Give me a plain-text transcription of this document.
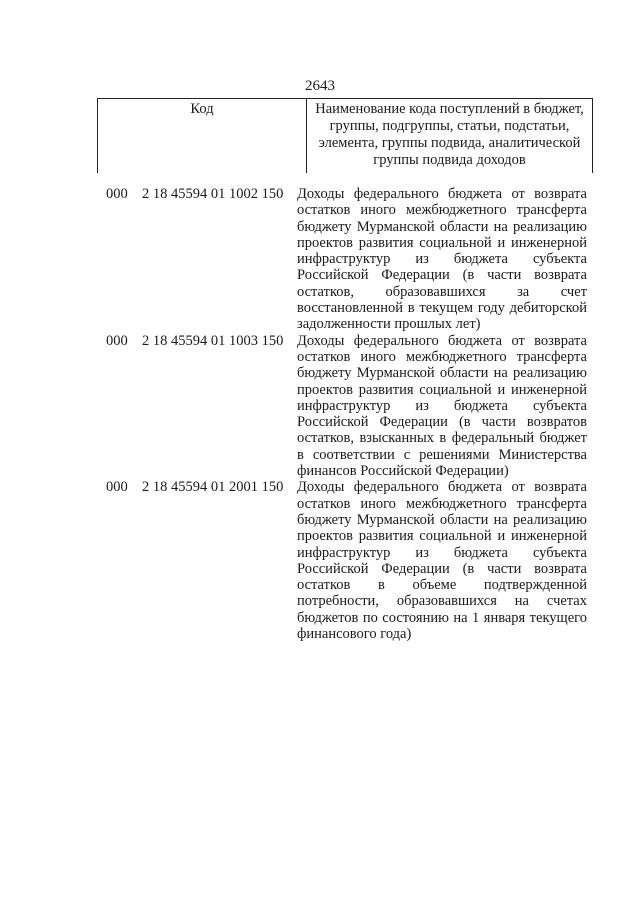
2643
Код	Наименование кода поступлений в бюджет, группы, подгруппы, статьи, подстатьи, элемента, группы подвида, аналитической группы подвида доходов
000 2 18 45594 01 1002 150 Доходы федерального бюджета от возврата остатков иного межбюджетного трансферта бюджету Мурманской области на реализацию проектов развития социальной и инженерной инфраструктур из бюджета субъекта Российской Федерации (в части возврата остатков, образовавшихся за счет восстановленной в текущем году дебиторской задолженности прошлых лет)
000 2 18 45594 01 1003 150 Доходы федерального бюджета от возврата остатков иного межбюджетного трансферта бюджету Мурманской области на реализацию проектов развития социальной и инженерной инфраструктур из бюджета субъекта Российской Федерации (в части возвратов остатков, взысканных в федеральный бюджет в соответствии с решениями Министерства финансов Российской Федерации)
000 2 18 45594 01 2001 150 Доходы федерального бюджета от возврата остатков иного межбюджетного трансферта бюджету Мурманской области на реализацию проектов развития социальной и инженерной инфраструктур из бюджета субъекта Российской Федерации (в части возврата остатков в объеме подтвержденной потребности, образовавшихся на счетах бюджетов по состоянию на 1 января текущего финансового года)
